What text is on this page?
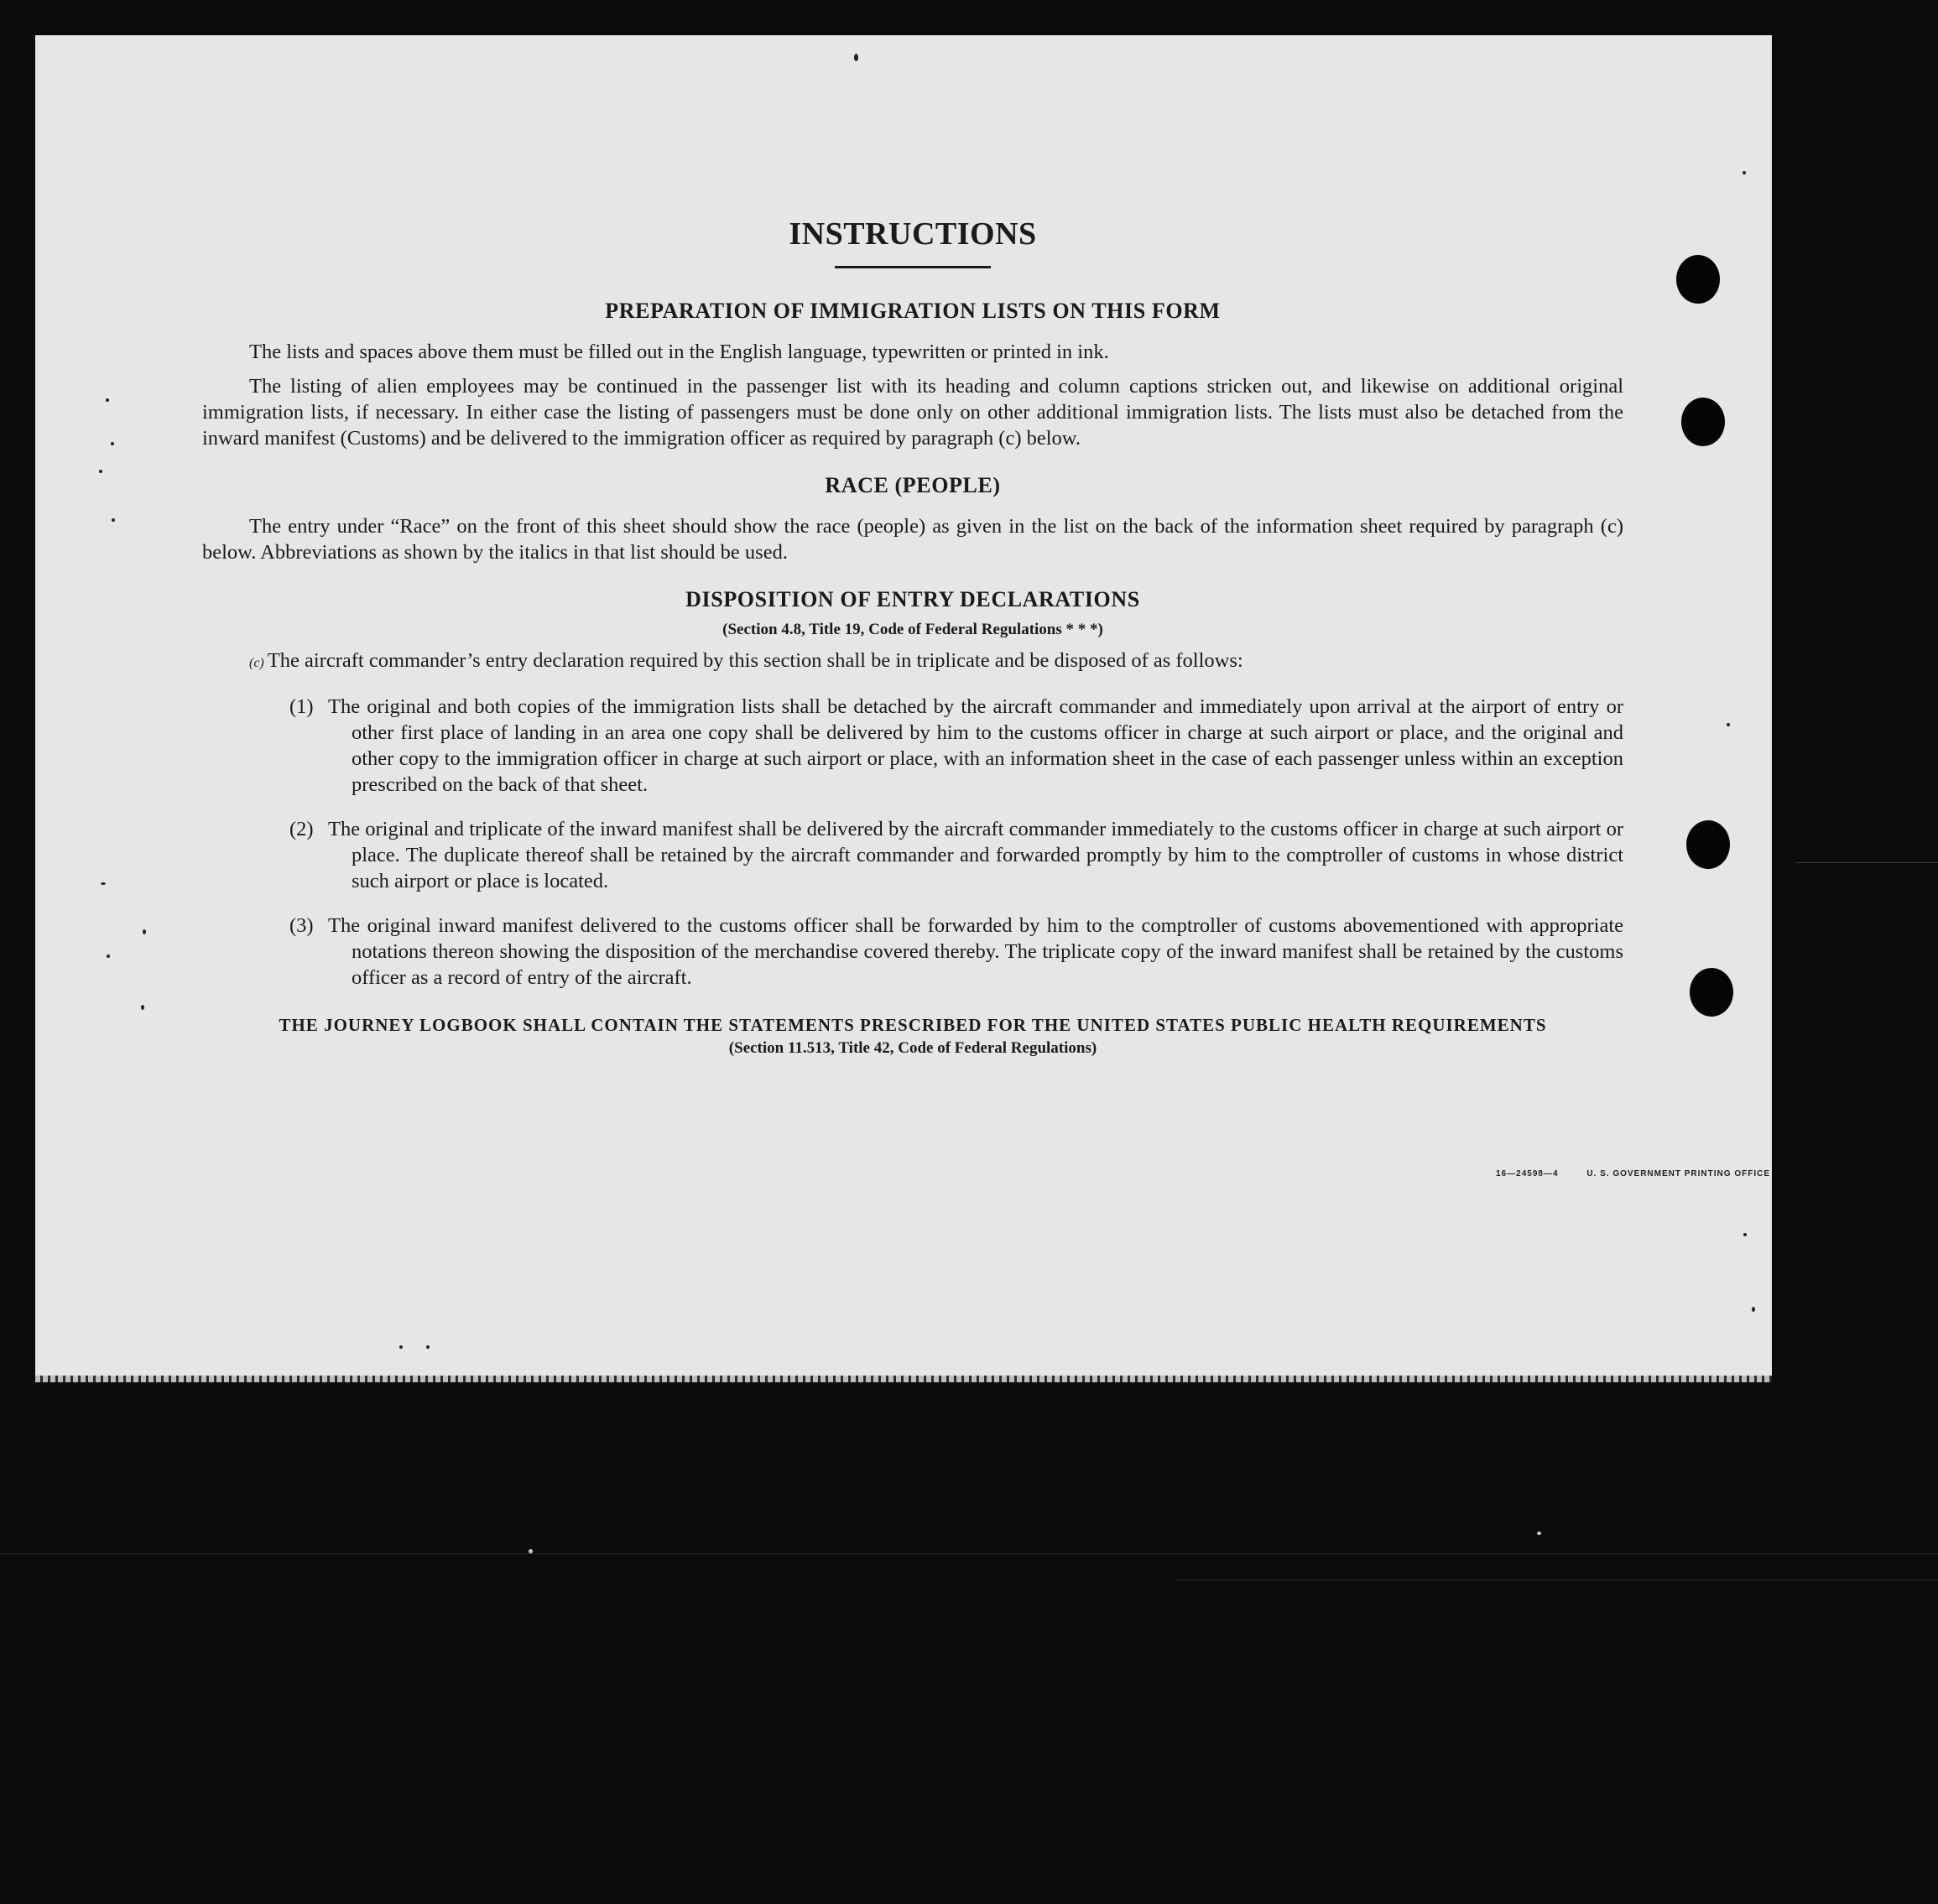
INSTRUCTIONS
PREPARATION OF IMMIGRATION LISTS ON THIS FORM

The lists and spaces above them must be filled out in the English language, typewritten or printed in ink.

The listing of alien employees may be continued in the passenger list with its heading and column captions stricken out, and likewise on additional original immigration lists, if necessary. In either case the listing of passengers must be done only on other additional immigration lists. The lists must also be detached from the inward manifest (Customs) and be delivered to the immigration officer as required by paragraph (c) below.

RACE (PEOPLE)

The entry under “Race” on the front of this sheet should show the race (people) as given in the list on the back of the information sheet required by paragraph (c) below. Abbreviations as shown by the italics in that list should be used.

DISPOSITION OF ENTRY DECLARATIONS
(Section 4.8, Title 19, Code of Federal Regulations * * *)
(c) The aircraft commander’s entry declaration required by this section shall be in triplicate and be disposed of as follows:
(1) The original and both copies of the immigration lists shall be detached by the aircraft commander and immediately upon arrival at the airport of entry or other first place of landing in an area one copy shall be delivered by him to the customs officer in charge at such airport or place, and the original and other copy to the immigration officer in charge at such airport or place, with an information sheet in the case of each passenger unless within an exception prescribed on the back of that sheet.
(2) The original and triplicate of the inward manifest shall be delivered by the aircraft commander immediately to the customs officer in charge at such airport or place. The duplicate thereof shall be retained by the aircraft commander and forwarded promptly by him to the comptroller of customs in whose district such airport or place is located.
(3) The original inward manifest delivered to the customs officer shall be forwarded by him to the comptroller of customs abovementioned with appropriate notations thereon showing the disposition of the merchandise covered thereby. The triplicate copy of the inward manifest shall be retained by the customs officer as a record of entry of the aircraft.
THE JOURNEY LOGBOOK SHALL CONTAIN THE STATEMENTS PRESCRIBED FOR THE UNITED STATES PUBLIC HEALTH REQUIREMENTS
(Section 11.513, Title 42, Code of Federal Regulations)
16—24598—4	U. S. GOVERNMENT PRINTING OFFICE
